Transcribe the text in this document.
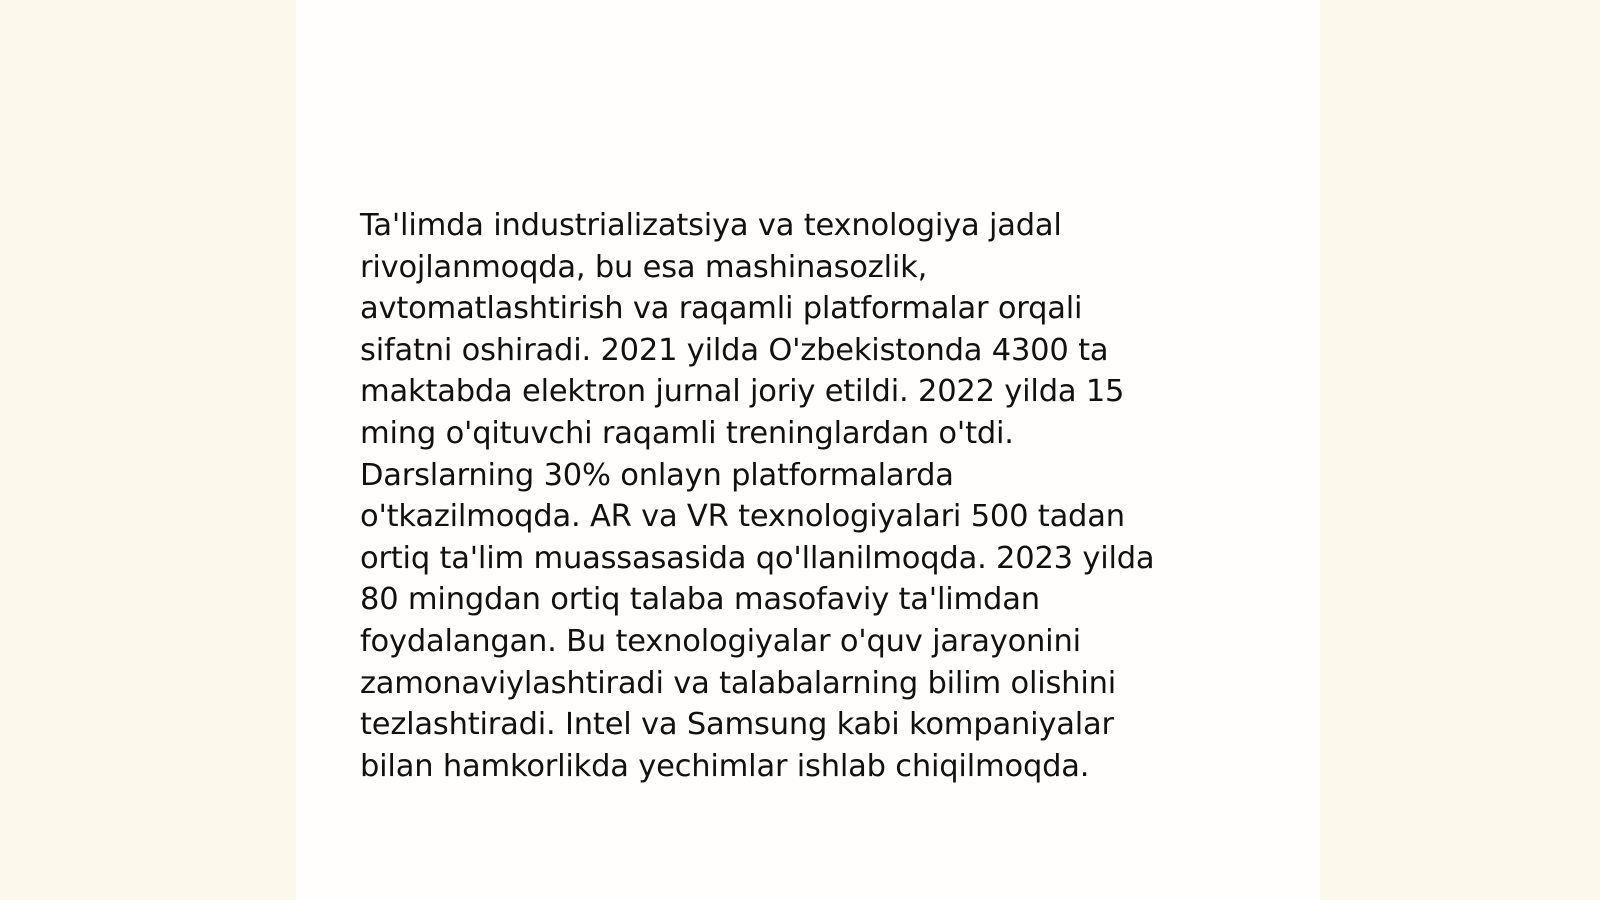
Ta'limda industrializatsiya va texnologiya jadal
rivojlanmoqda, bu esa mashinasozlik,
avtomatlashtirish va raqamli platformalar orqali
sifatni oshiradi. 2021 yilda O'zbekistonda 4300 ta
maktabda elektron jurnal joriy etildi. 2022 yilda 15
ming o'qituvchi raqamli treninglardan o'tdi.
Darslarning 30% onlayn platformalarda
o'tkazilmoqda. AR va VR texnologiyalari 500 tadan
ortiq ta'lim muassasasida qo'llanilmoqda. 2023 yilda
80 mingdan ortiq talaba masofaviy ta'limdan
foydalangan. Bu texnologiyalar o'quv jarayonini
zamonaviylashtiradi va talabalarning bilim olishini
tezlashtiradi. Intel va Samsung kabi kompaniyalar
bilan hamkorlikda yechimlar ishlab chiqilmoqda.
